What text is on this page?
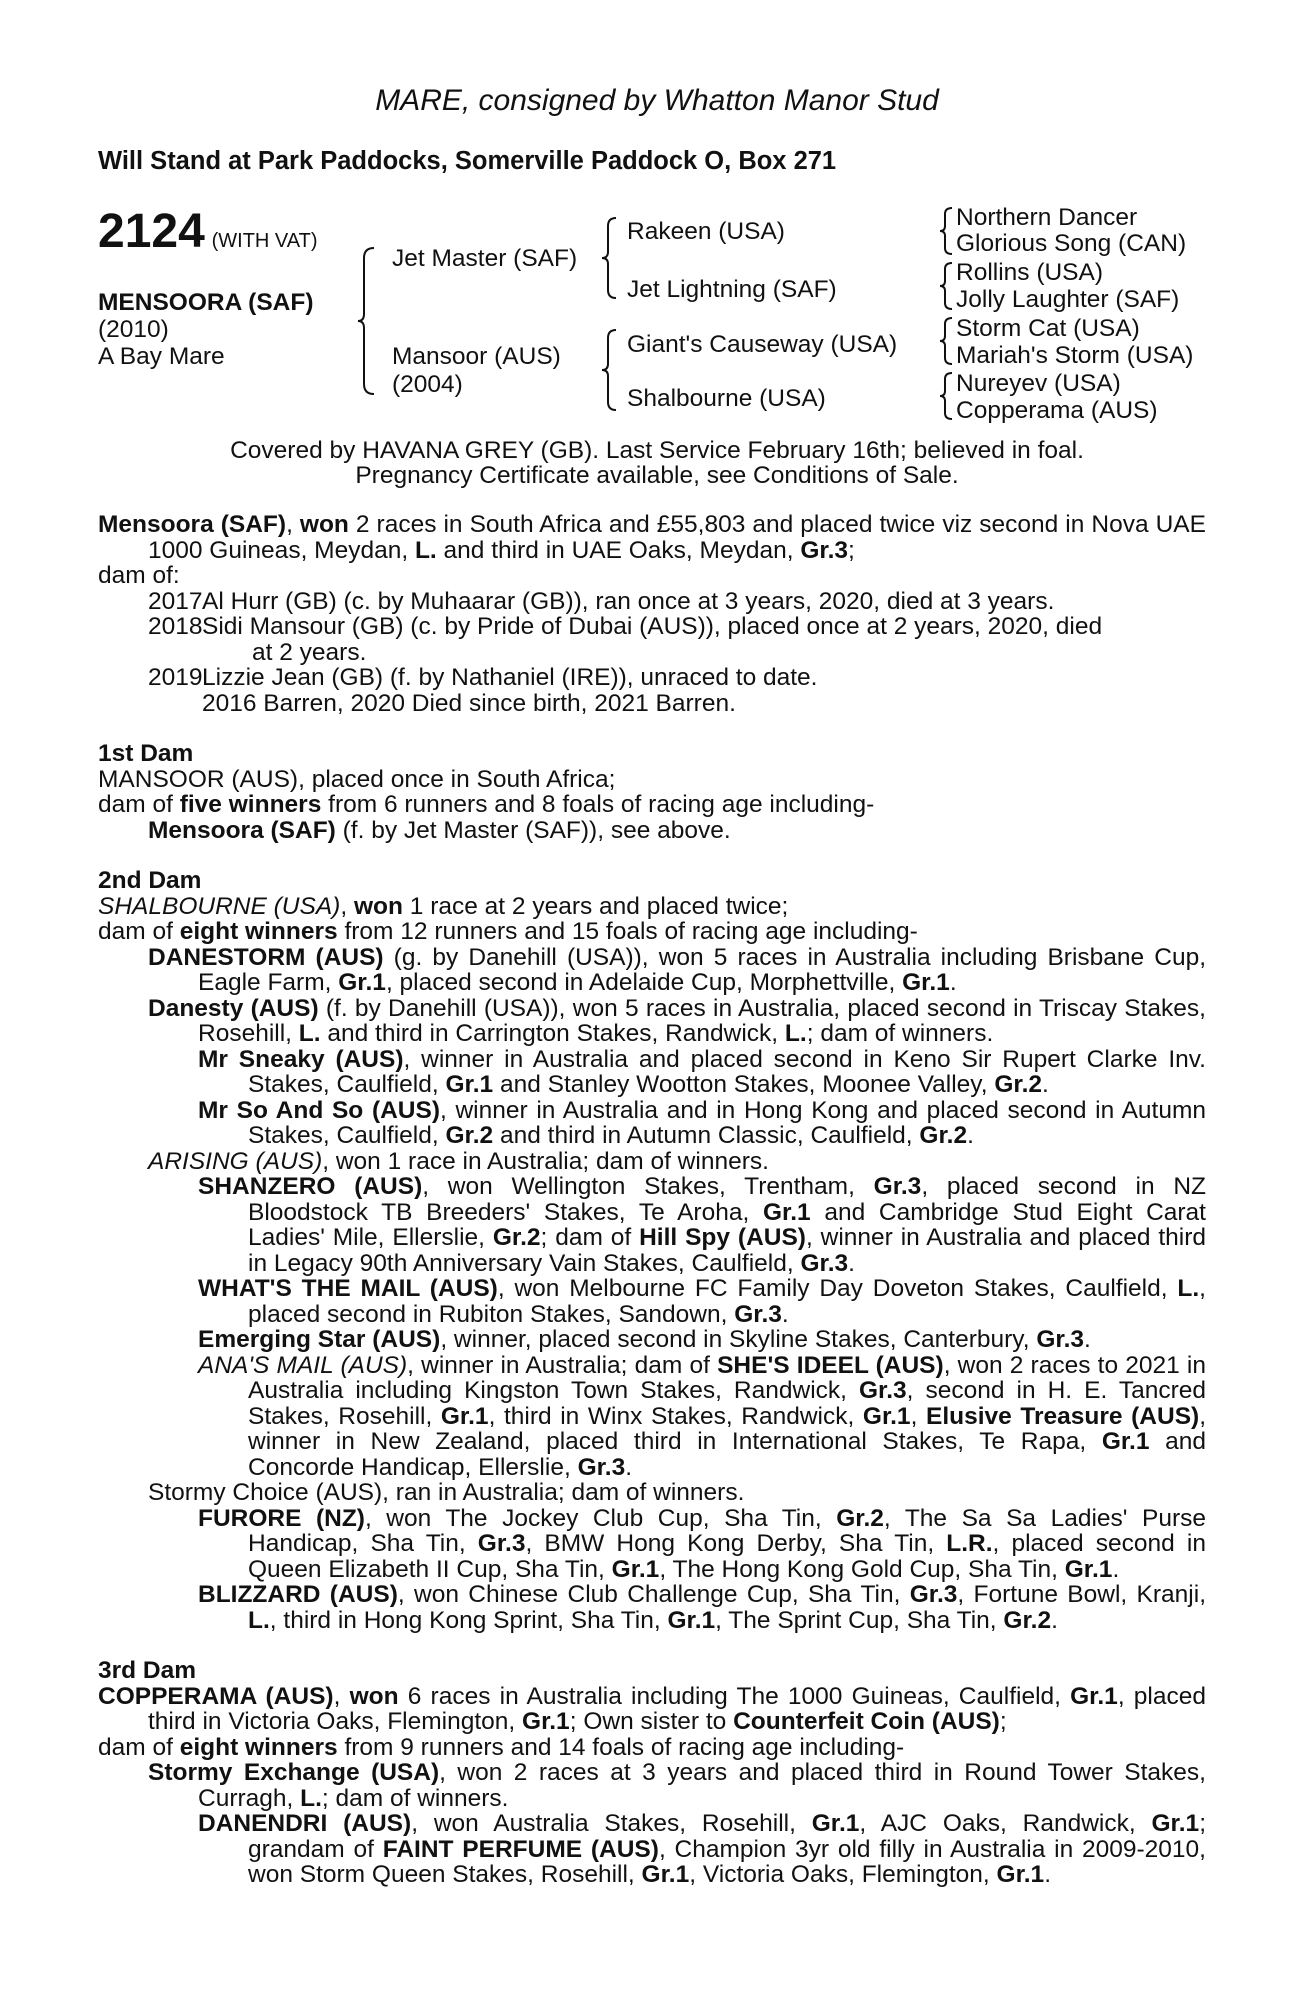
MARE, consigned by Whatton Manor Stud
Will Stand at Park Paddocks, Somerville Paddock O, Box 271
2124 (WITH VAT)
MENSOORA (SAF)
(2010)
A Bay Mare
Jet Master (SAF)
Mansoor (AUS)
(2004)
Rakeen (USA)
Jet Lightning (SAF)
Giant's Causeway (USA)
Shalbourne (USA)
Northern Dancer
Glorious Song (CAN)
Rollins (USA)
Jolly Laughter (SAF)
Storm Cat (USA)
Mariah's Storm (USA)
Nureyev (USA)
Copperama (AUS)
Covered by HAVANA GREY (GB). Last Service February 16th; believed in foal.
Pregnancy Certificate available, see Conditions of Sale.
Mensoora (SAF), won 2 races in South Africa and £55,803 and placed twice viz second in Nova UAE 1000 Guineas, Meydan, L. and third in UAE Oaks, Meydan, Gr.3;
dam of:
2017 Al Hurr (GB) (c. by Muhaarar (GB)), ran once at 3 years, 2020, died at 3 years.
2018 Sidi Mansour (GB) (c. by Pride of Dubai (AUS)), placed once at 2 years, 2020, died
at 2 years.
2019 Lizzie Jean (GB) (f. by Nathaniel (IRE)), unraced to date.
2016 Barren, 2020 Died since birth, 2021 Barren.
1st Dam
MANSOOR (AUS), placed once in South Africa;
dam of five winners from 6 runners and 8 foals of racing age including-
Mensoora (SAF) (f. by Jet Master (SAF)), see above.
2nd Dam
SHALBOURNE (USA), won 1 race at 2 years and placed twice;
dam of eight winners from 12 runners and 15 foals of racing age including-
DANESTORM (AUS) (g. by Danehill (USA)), won 5 races in Australia including Brisbane Cup, Eagle Farm, Gr.1, placed second in Adelaide Cup, Morphettville, Gr.1.
Danesty (AUS) (f. by Danehill (USA)), won 5 races in Australia, placed second in Triscay Stakes, Rosehill, L. and third in Carrington Stakes, Randwick, L.; dam of winners.
Mr Sneaky (AUS), winner in Australia and placed second in Keno Sir Rupert Clarke Inv. Stakes, Caulfield, Gr.1 and Stanley Wootton Stakes, Moonee Valley, Gr.2.
Mr So And So (AUS), winner in Australia and in Hong Kong and placed second in Autumn Stakes, Caulfield, Gr.2 and third in Autumn Classic, Caulfield, Gr.2.
ARISING (AUS), won 1 race in Australia; dam of winners.
SHANZERO (AUS), won Wellington Stakes, Trentham, Gr.3, placed second in NZ Bloodstock TB Breeders' Stakes, Te Aroha, Gr.1 and Cambridge Stud Eight Carat Ladies' Mile, Ellerslie, Gr.2; dam of Hill Spy (AUS), winner in Australia and placed third in Legacy 90th Anniversary Vain Stakes, Caulfield, Gr.3.
WHAT'S THE MAIL (AUS), won Melbourne FC Family Day Doveton Stakes, Caulfield, L., placed second in Rubiton Stakes, Sandown, Gr.3.
Emerging Star (AUS), winner, placed second in Skyline Stakes, Canterbury, Gr.3.
ANA'S MAIL (AUS), winner in Australia; dam of SHE'S IDEEL (AUS), won 2 races to 2021 in Australia including Kingston Town Stakes, Randwick, Gr.3, second in H. E. Tancred Stakes, Rosehill, Gr.1, third in Winx Stakes, Randwick, Gr.1, Elusive Treasure (AUS), winner in New Zealand, placed third in International Stakes, Te Rapa, Gr.1 and Concorde Handicap, Ellerslie, Gr.3.
Stormy Choice (AUS), ran in Australia; dam of winners.
FURORE (NZ), won The Jockey Club Cup, Sha Tin, Gr.2, The Sa Sa Ladies' Purse Handicap, Sha Tin, Gr.3, BMW Hong Kong Derby, Sha Tin, L.R., placed second in Queen Elizabeth II Cup, Sha Tin, Gr.1, The Hong Kong Gold Cup, Sha Tin, Gr.1.
BLIZZARD (AUS), won Chinese Club Challenge Cup, Sha Tin, Gr.3, Fortune Bowl, Kranji, L., third in Hong Kong Sprint, Sha Tin, Gr.1, The Sprint Cup, Sha Tin, Gr.2.
3rd Dam
COPPERAMA (AUS), won 6 races in Australia including The 1000 Guineas, Caulfield, Gr.1, placed third in Victoria Oaks, Flemington, Gr.1; Own sister to Counterfeit Coin (AUS);
dam of eight winners from 9 runners and 14 foals of racing age including-
Stormy Exchange (USA), won 2 races at 3 years and placed third in Round Tower Stakes, Curragh, L.; dam of winners.
DANENDRI (AUS), won Australia Stakes, Rosehill, Gr.1, AJC Oaks, Randwick, Gr.1; grandam of FAINT PERFUME (AUS), Champion 3yr old filly in Australia in 2009-2010, won Storm Queen Stakes, Rosehill, Gr.1, Victoria Oaks, Flemington, Gr.1.
